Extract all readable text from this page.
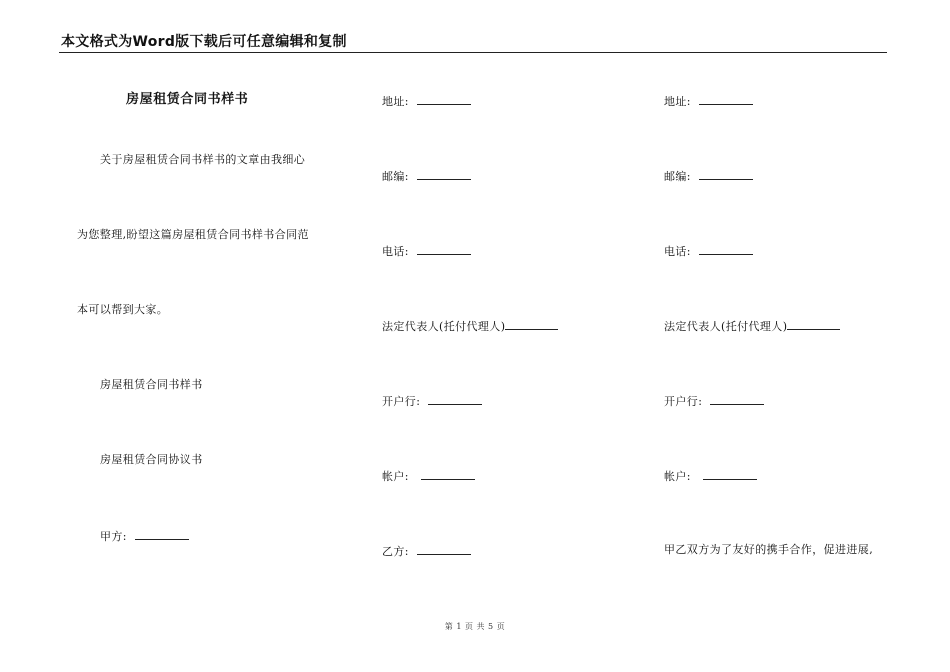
本文格式为Word版下载后可任意编辑和复制
房屋租赁合同书样书
关于房屋租赁合同书样书的文章由我细心
为您整理,盼望这篇房屋租赁合同书样书合同范
本可以帮到大家。
房屋租赁合同书样书
房屋租赁合同协议书
甲方:
地址:
邮编:
电话:
法定代表人(托付代理人)
开户行:
帐户:
乙方:
地址:
邮编:
电话:
法定代表人(托付代理人)
开户行:
帐户:
甲乙双方为了友好的携手合作，促进进展,
第 1 页 共 5 页
